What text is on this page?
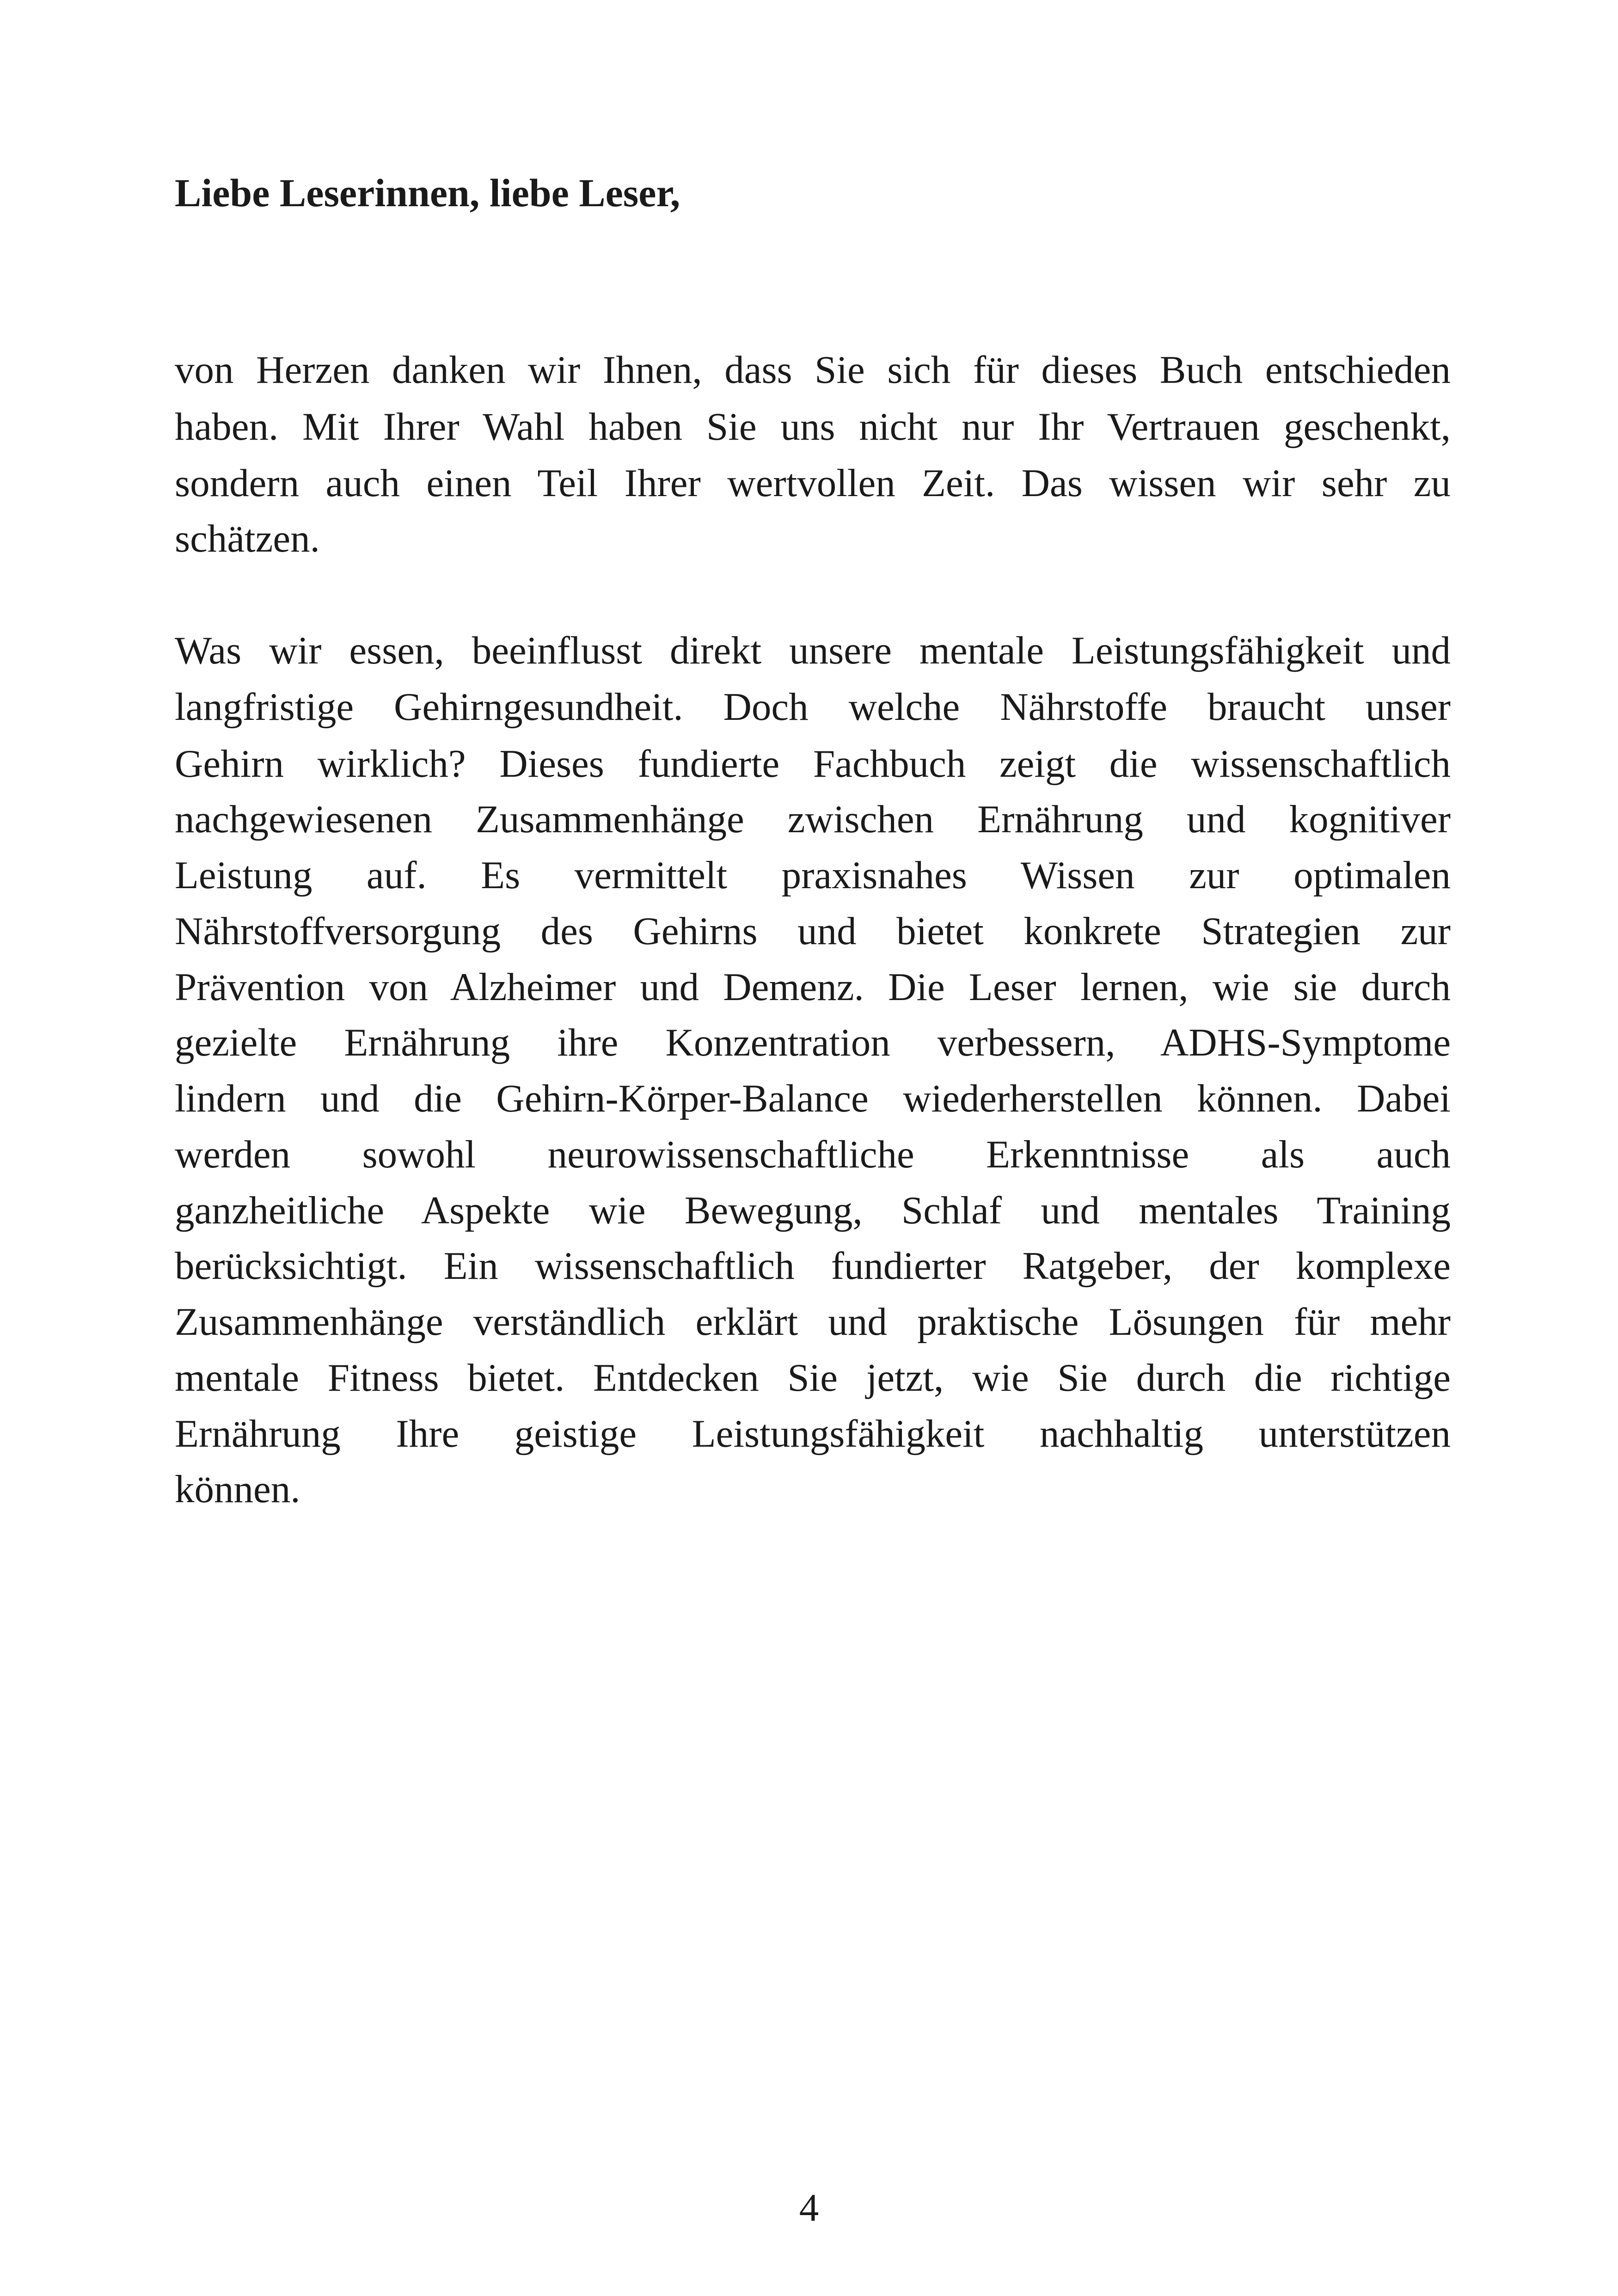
Liebe Leserinnen, liebe Leser,

von Herzen danken wir Ihnen, dass Sie sich für dieses Buch entschieden

haben. Mit Ihrer Wahl haben Sie uns nicht nur Ihr Vertrauen geschenkt,

sondern auch einen Teil Ihrer wertvollen Zeit. Das wissen wir sehr zu

schätzen.

Was wir essen, beeinflusst direkt unsere mentale Leistungsfähigkeit und

langfristige Gehirngesundheit. Doch welche Nährstoffe braucht unser

Gehirn wirklich? Dieses fundierte Fachbuch zeigt die wissenschaftlich

nachgewiesenen Zusammenhänge zwischen Ernährung und kognitiver

Leistung auf. Es vermittelt praxisnahes Wissen zur optimalen

Nährstoffversorgung des Gehirns und bietet konkrete Strategien zur

Prävention von Alzheimer und Demenz. Die Leser lernen, wie sie durch

gezielte Ernährung ihre Konzentration verbessern, ADHS-Symptome

lindern und die Gehirn-Körper-Balance wiederherstellen können. Dabei

werden sowohl neurowissenschaftliche Erkenntnisse als auch

ganzheitliche Aspekte wie Bewegung, Schlaf und mentales Training

berücksichtigt. Ein wissenschaftlich fundierter Ratgeber, der komplexe

Zusammenhänge verständlich erklärt und praktische Lösungen für mehr

mentale Fitness bietet. Entdecken Sie jetzt, wie Sie durch die richtige

Ernährung Ihre geistige Leistungsfähigkeit nachhaltig unterstützen

können.

4
